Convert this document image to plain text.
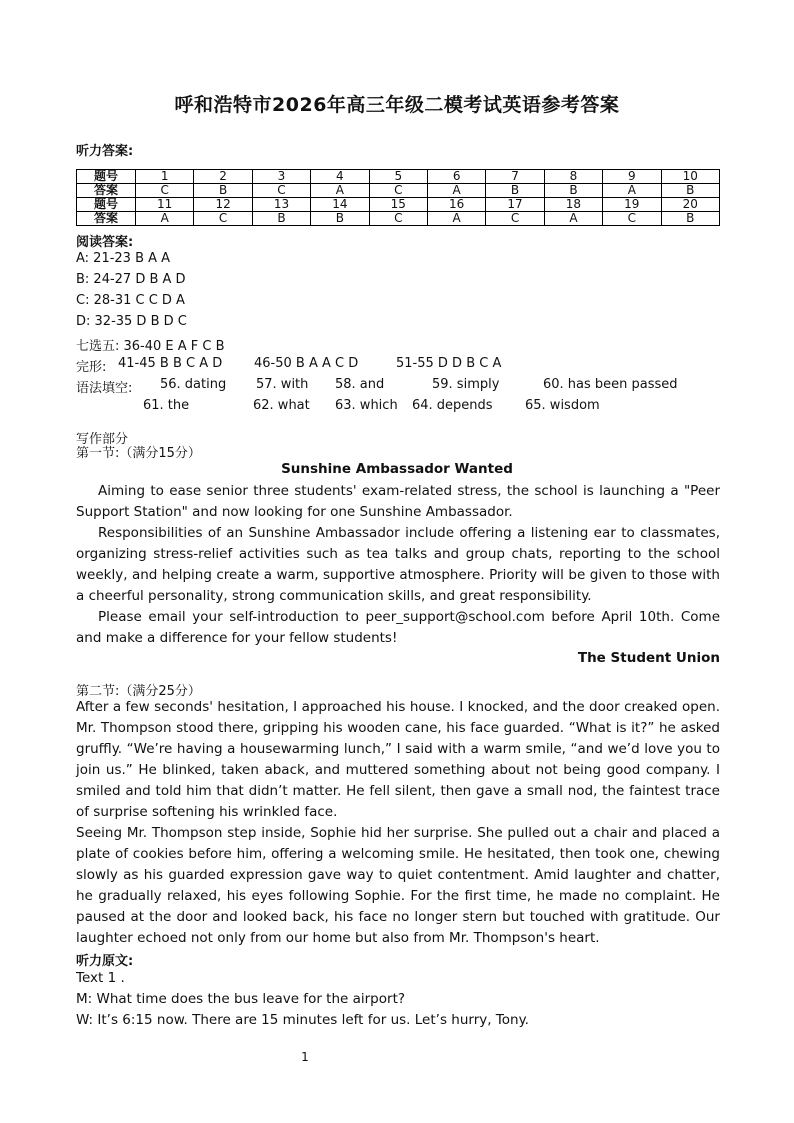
呼和浩特市2026年高三年级二模考试英语参考答案
听力答案:
题号	1	2	3	4	5	6	7	8	9	10
答案	C	B	C	A	C	A	B	B	A	B
题号	11	12	13	14	15	16	17	18	19	20
答案	A	C	B	B	C	A	C	A	C	B
阅读答案:
A: 21-23 B A A
B: 24-27 D B A D
C: 28-31 C C D A
D: 32-35 D B D C
七选五: 36-40 E A F C B
完形: 41-45 B B C A D 46-50 B A A C D	51-55 D D B C A
语法填空: 56. dating 57. with 58. and	59. simply	60. has been passed
61. the	62. what 63. which 64. depends 65. wisdom
写作部分
第一节:（满分15分）
Sunshine Ambassador Wanted
Aiming to ease senior three students' exam-related stress, the school is launching a "Peer Support Station" and now looking for one Sunshine Ambassador.
Responsibilities of an Sunshine Ambassador include offering a listening ear to classmates, organizing stress-relief activities such as tea talks and group chats, reporting to the school weekly, and helping create a warm, supportive atmosphere. Priority will be given to those with a cheerful personality, strong communication skills, and great responsibility.
Please email your self-introduction to peer_support@school.com before April 10th. Come and make a difference for your fellow students!
The Student Union
第二节:（满分25分）
After a few seconds' hesitation, I approached his house. I knocked, and the door creaked open. Mr. Thompson stood there, gripping his wooden cane, his face guarded. “What is it?” he asked gruffly. “We’re having a housewarming lunch,” I said with a warm smile, “and we’d love you to join us.” He blinked, taken aback, and muttered something about not being good company. I smiled and told him that didn’t matter. He fell silent, then gave a small nod, the faintest trace of surprise softening his wrinkled face.
Seeing Mr. Thompson step inside, Sophie hid her surprise. She pulled out a chair and placed a plate of cookies before him, offering a welcoming smile. He hesitated, then took one, chewing slowly as his guarded expression gave way to quiet contentment. Amid laughter and chatter, he gradually relaxed, his eyes following Sophie. For the first time, he made no complaint. He paused at the door and looked back, his face no longer stern but touched with gratitude. Our laughter echoed not only from our home but also from Mr. Thompson's heart.
听力原文:
Text 1 .
M: What time does the bus leave for the airport?
W: It’s 6:15 now. There are 15 minutes left for us. Let’s hurry, Tony.
1
